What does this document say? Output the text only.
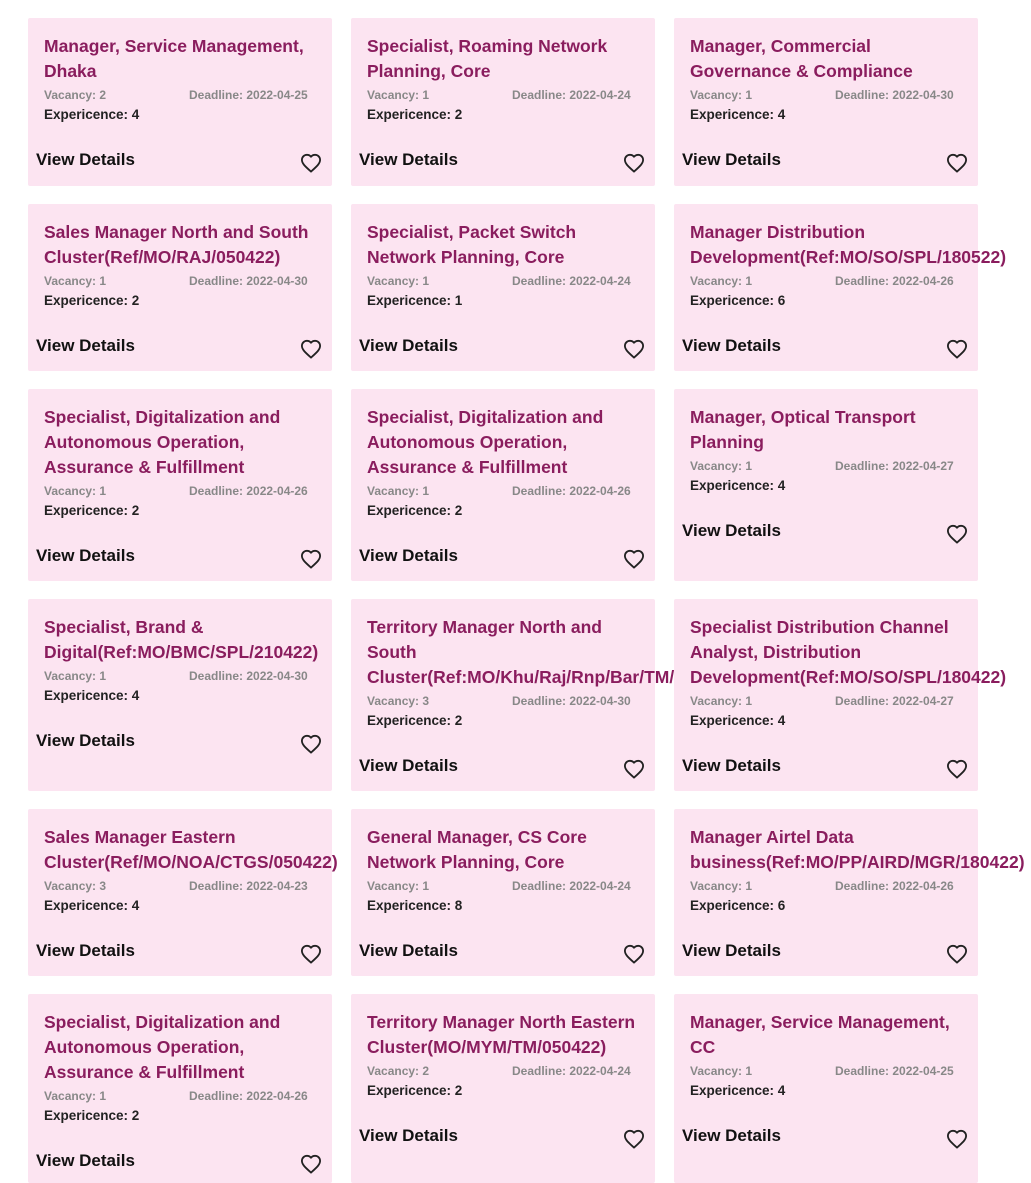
Manager, Service Management,
Dhaka
Vacancy: 2	Deadline: 2022-04-25
Expericence: 4
View Details
Specialist, Roaming Network
Planning, Core
Vacancy: 1	Deadline: 2022-04-24
Expericence: 2
View Details
Manager, Commercial
Governance & Compliance
Vacancy: 1	Deadline: 2022-04-30
Expericence: 4
View Details
Sales Manager North and South
Cluster(Ref/MO/RAJ/050422)
Vacancy: 1	Deadline: 2022-04-30
Expericence: 2
View Details
Specialist, Packet Switch
Network Planning, Core
Vacancy: 1	Deadline: 2022-04-24
Expericence: 1
View Details
Manager Distribution
Development(Ref:MO/SO/SPL/180522)
Vacancy: 1	Deadline: 2022-04-26
Expericence: 6
View Details
Specialist, Digitalization and
Autonomous Operation,
Assurance & Fulfillment
Vacancy: 1	Deadline: 2022-04-26
Expericence: 2
View Details
Specialist, Digitalization and
Autonomous Operation,
Assurance & Fulfillment
Vacancy: 1	Deadline: 2022-04-26
Expericence: 2
View Details
Manager, Optical Transport
Planning
Vacancy: 1	Deadline: 2022-04-27
Expericence: 4
View Details
Specialist, Brand &
Digital(Ref:MO/BMC/SPL/210422)
Vacancy: 1	Deadline: 2022-04-30
Expericence: 4
View Details
Territory Manager North and
South
Cluster(Ref:MO/Khu/Raj/Rnp/Bar/TM/
Vacancy: 3	Deadline: 2022-04-30
Expericence: 2
View Details
Specialist Distribution Channel
Analyst, Distribution
Development(Ref:MO/SO/SPL/180422)
Vacancy: 1	Deadline: 2022-04-27
Expericence: 4
View Details
Sales Manager Eastern
Cluster(Ref/MO/NOA/CTGS/050422)
Vacancy: 3	Deadline: 2022-04-23
Expericence: 4
View Details
General Manager, CS Core
Network Planning, Core
Vacancy: 1	Deadline: 2022-04-24
Expericence: 8
View Details
Manager Airtel Data
business(Ref:MO/PP/AIRD/MGR/180422)
Vacancy: 1	Deadline: 2022-04-26
Expericence: 6
View Details
Specialist, Digitalization and
Autonomous Operation,
Assurance & Fulfillment
Vacancy: 1	Deadline: 2022-04-26
Expericence: 2
View Details
Territory Manager North Eastern
Cluster(MO/MYM/TM/050422)
Vacancy: 2	Deadline: 2022-04-24
Expericence: 2
View Details
Manager, Service Management,
CC
Vacancy: 1	Deadline: 2022-04-25
Expericence: 4
View Details
